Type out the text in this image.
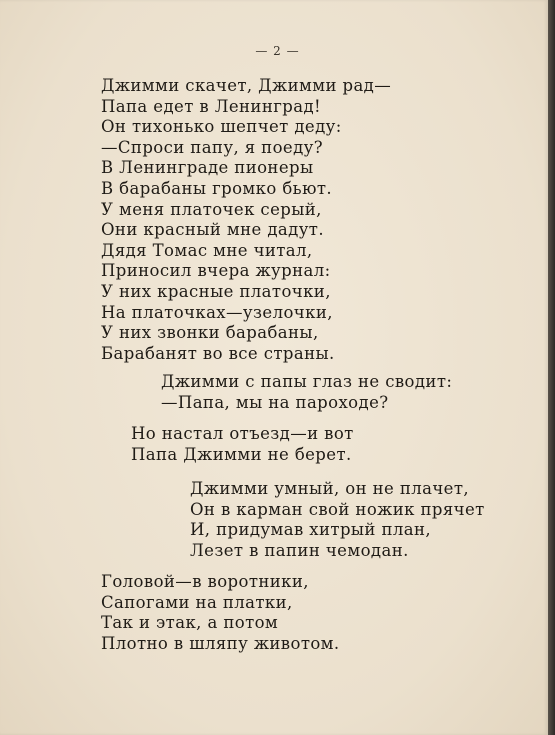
— 2 —
Джимми скачет, Джимми рад—
Папа едет в Ленинград!
Он тихонько шепчет деду:
—Спроси папу, я поеду?
В Ленинграде пионеры
В барабаны громко бьют.
У меня платочек серый,
Они красный мне дадут.
Дядя Томас мне читал,
Приносил вчера журнал:
У них красные платочки,
На платочках—узелочки,
У них звонки барабаны,
Барабанят во все страны.
Джимми с папы глаз не сводит:
—Папа, мы на пароходе?
Но настал отъезд—и вот
Папа Джимми не берет.
Джимми умный, он не плачет,
Он в карман свой ножик прячет
И, придумав хитрый план,
Лезет в папин чемодан.
Головой—в воротники,
Сапогами на платки,
Так и этак, а потом
Плотно в шляпу животом.
